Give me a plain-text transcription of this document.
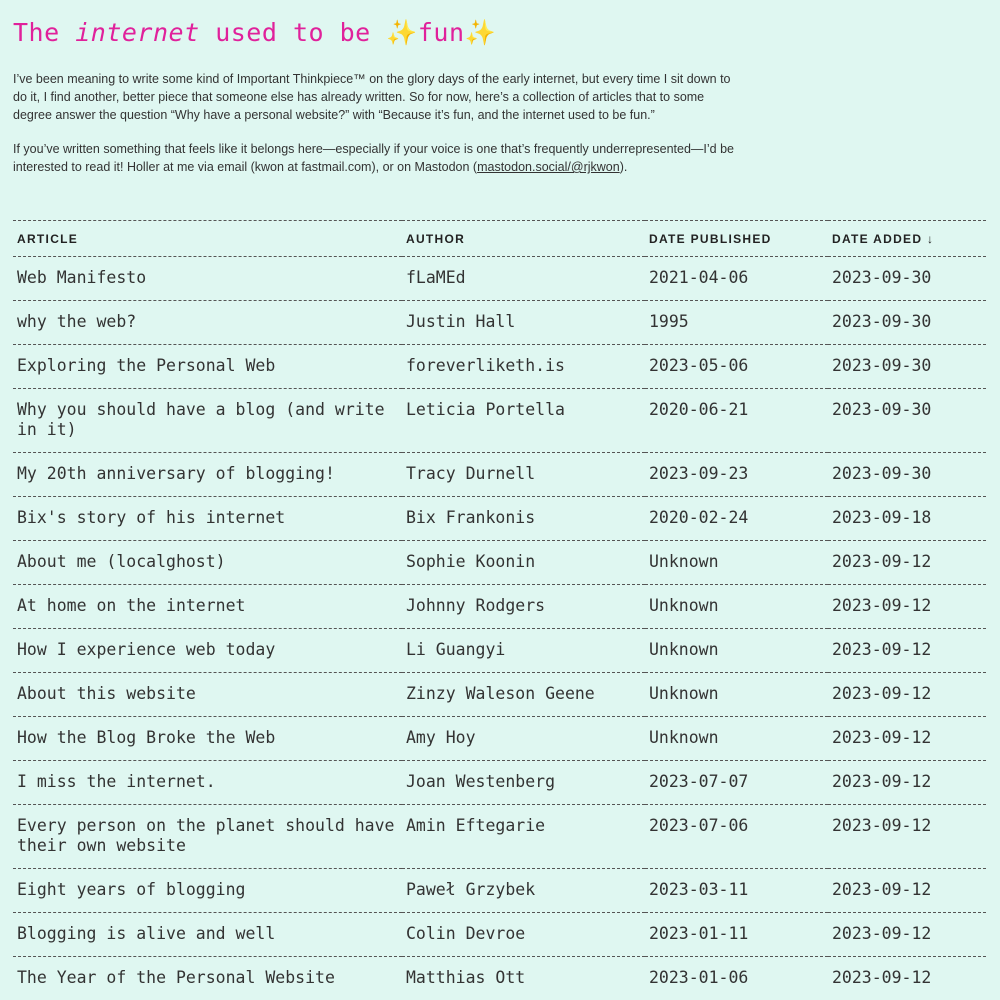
The internet used to be ✨fun✨

I’ve been meaning to write some kind of Important Thinkpiece™ on the glory days of the early internet, but every time I sit down to do it, I find another, better piece that someone else has already written. So for now, here’s a collection of articles that to some degree answer the question “Why have a personal website?” with “Because it’s fun, and the internet used to be fun.”

If you’ve written something that feels like it belongs here—especially if your voice is one that’s frequently underrepresented—I’d be interested to read it! Holler at me via email (kwon at fastmail.com), or on Mastodon (mastodon.social/@rjkwon).

ARTICLE	AUTHOR	DATE PUBLISHED	DATE ADDED ↓
Web Manifesto	fLaMEd	2021-04-06	2023-09-30
why the web?	Justin Hall	1995	2023-09-30
Exploring the Personal Web	foreverliketh.is	2023-05-06	2023-09-30
Why you should have a blog (and write in it)	Leticia Portella	2020-06-21	2023-09-30
My 20th anniversary of blogging!	Tracy Durnell	2023-09-23	2023-09-30
Bix's story of his internet	Bix Frankonis	2020-02-24	2023-09-18
About me (localghost)	Sophie Koonin	Unknown	2023-09-12
At home on the internet	Johnny Rodgers	Unknown	2023-09-12
How I experience web today	Li Guangyi	Unknown	2023-09-12
About this website	Zinzy Waleson Geene	Unknown	2023-09-12
How the Blog Broke the Web	Amy Hoy	Unknown	2023-09-12
I miss the internet.	Joan Westenberg	2023-07-07	2023-09-12
Every person on the planet should have their own website	Amin Eftegarie	2023-07-06	2023-09-12
Eight years of blogging	Paweł Grzybek	2023-03-11	2023-09-12
Blogging is alive and well	Colin Devroe	2023-01-11	2023-09-12
The Year of the Personal Website	Matthias Ott	2023-01-06	2023-09-12
